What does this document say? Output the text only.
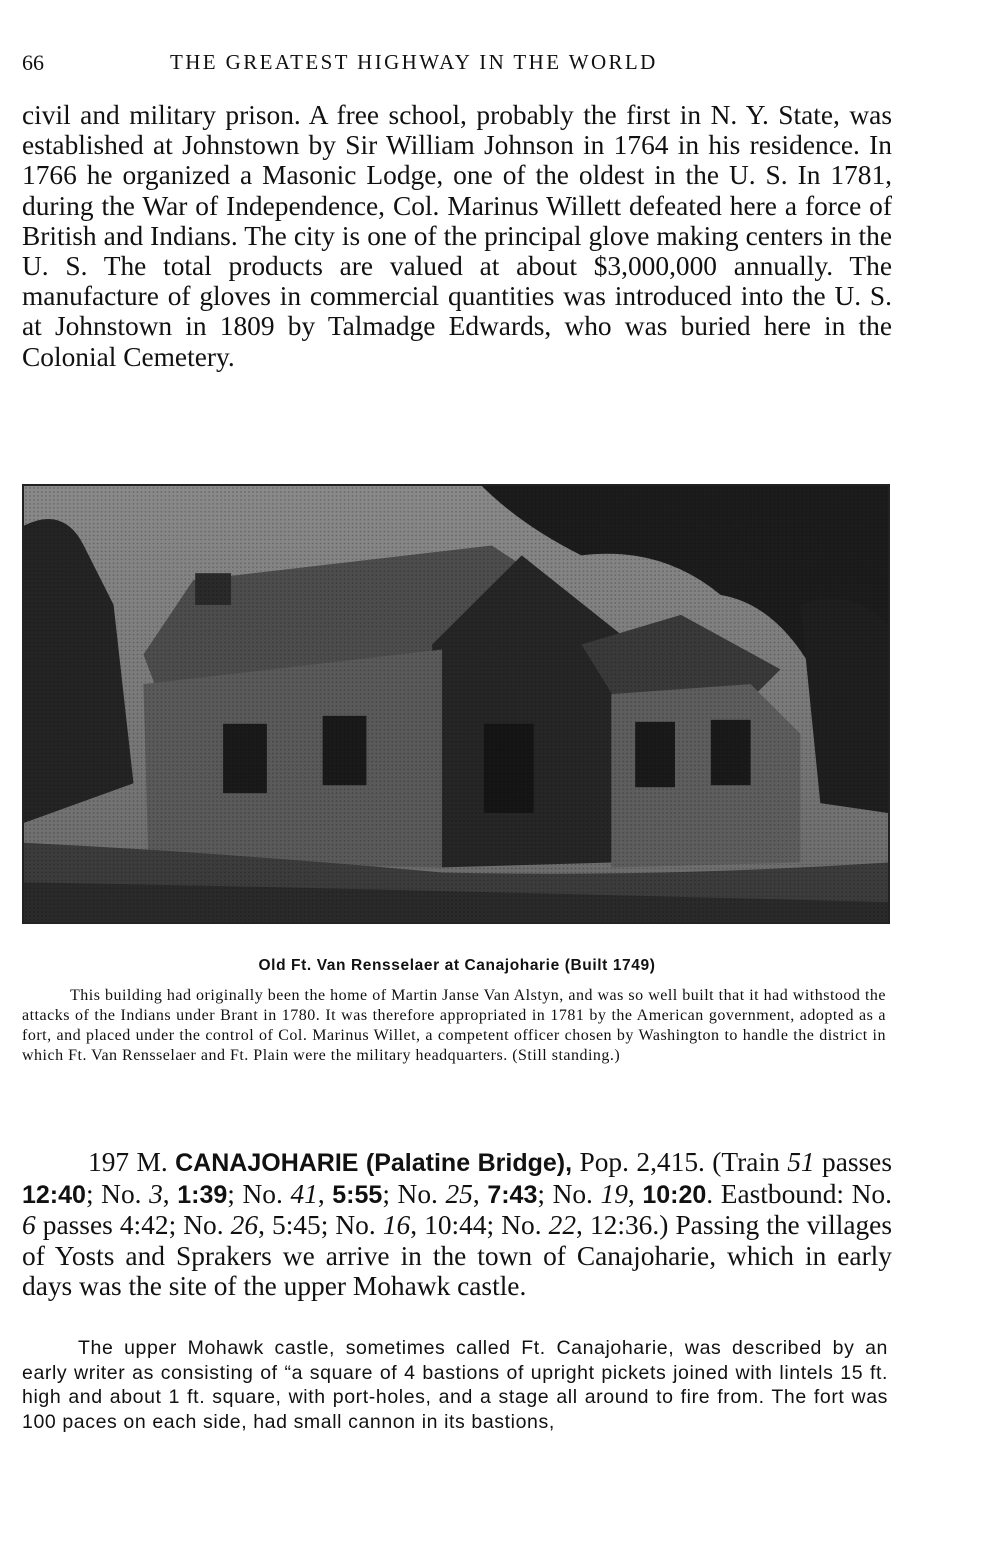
66	THE GREATEST HIGHWAY IN THE WORLD

civil and military prison. A free school, probably the first in N. Y. State, was established at Johnstown by Sir William Johnson in 1764 in his residence. In 1766 he organized a Masonic Lodge, one of the oldest in the U. S. In 1781, during the War of Independence, Col. Marinus Willett defeated here a force of British and Indians. The city is one of the principal glove making centers in the U. S. The total products are valued at about $3,000,000 annually. The manufacture of gloves in commercial quantities was introduced into the U. S. at Johnstown in 1809 by Talmadge Edwards, who was buried here in the Colonial Cemetery.

Old Ft. Van Rensselaer at Canajoharie (Built 1749)
This building had originally been the home of Martin Janse Van Alstyn, and was so well built that it had withstood the attacks of the Indians under Brant in 1780. It was therefore appropriated in 1781 by the American government, adopted as a fort, and placed under the control of Col. Marinus Willet, a competent officer chosen by Washington to handle the district in which Ft. Van Rensselaer and Ft. Plain were the military headquarters. (Still standing.)
197 M. CANAJOHARIE (Palatine Bridge), Pop. 2,415. (Train 51 passes 12:40; No. 3, 1:39; No. 41, 5:55; No. 25, 7:43; No. 19, 10:20. Eastbound: No. 6 passes 4:42; No. 26, 5:45; No. 16, 10:44; No. 22, 12:36.) Passing the villages of Yosts and Sprakers we arrive in the town of Canajoharie, which in early days was the site of the upper Mohawk castle.
The upper Mohawk castle, sometimes called Ft. Canajoharie, was described by an early writer as consisting of “a square of 4 bastions of upright pickets joined with lintels 15 ft. high and about 1 ft. square, with port-holes, and a stage all around to fire from. The fort was 100 paces on each side, had small cannon in its bastions,
